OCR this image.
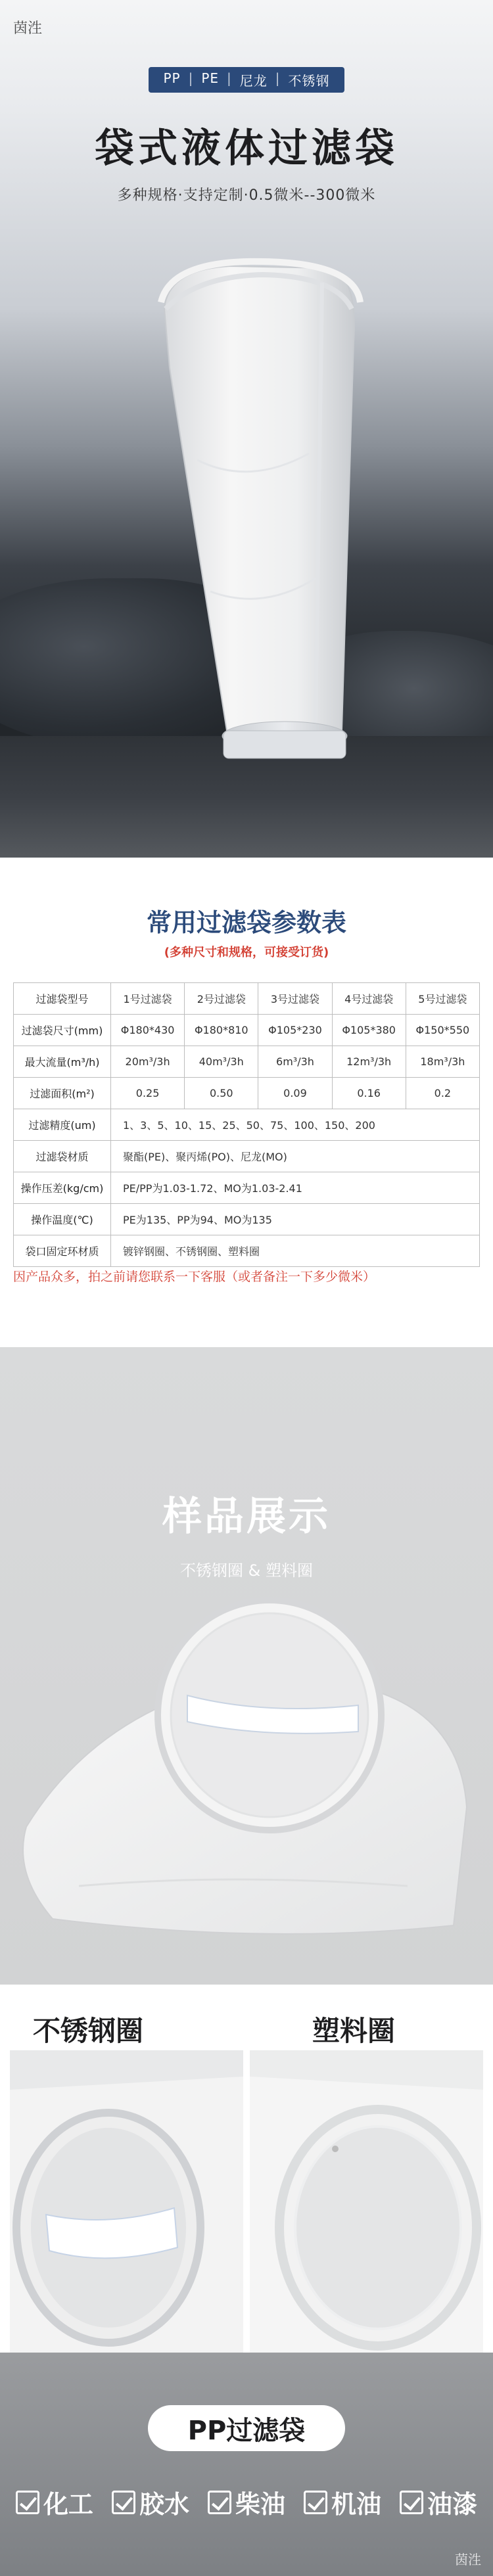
茵泩
PP | PE | 尼龙 | 不锈钢
袋式液体过滤袋
多种规格·支持定制·0.5微米--300微米
常用过滤袋参数表
(多种尺寸和规格，可接受订货)
过滤袋型号	1号过滤袋	2号过滤袋	3号过滤袋	4号过滤袋	5号过滤袋
过滤袋尺寸(mm)	Φ180*430	Φ180*810	Φ105*230	Φ105*380	Φ150*550
最大流量(m³/h)	20m³/3h	40m³/3h	6m³/3h	12m³/3h	18m³/3h
过滤面积(m²)	0.25	0.50	0.09	0.16	0.2
过滤精度(um)	1、3、5、10、15、25、50、75、100、150、200				
过滤袋材质	聚酯(PE)、聚丙烯(PO)、尼龙(MO)				
操作压差(kg/cm)	PE/PP为1.03-1.72、MO为1.03-2.41				
操作温度(℃)	PE为135、PP为94、MO为135				
袋口固定环材质	镀锌钢圈、不锈钢圈、塑料圈				
因产品众多，拍之前请您联系一下客服（或者备注一下多少微米）
样品展示
不锈钢圈 & 塑料圈
不锈钢圈	塑料圈
PP过滤袋
化工 胶水 柴油 机油 油漆
茵泩
